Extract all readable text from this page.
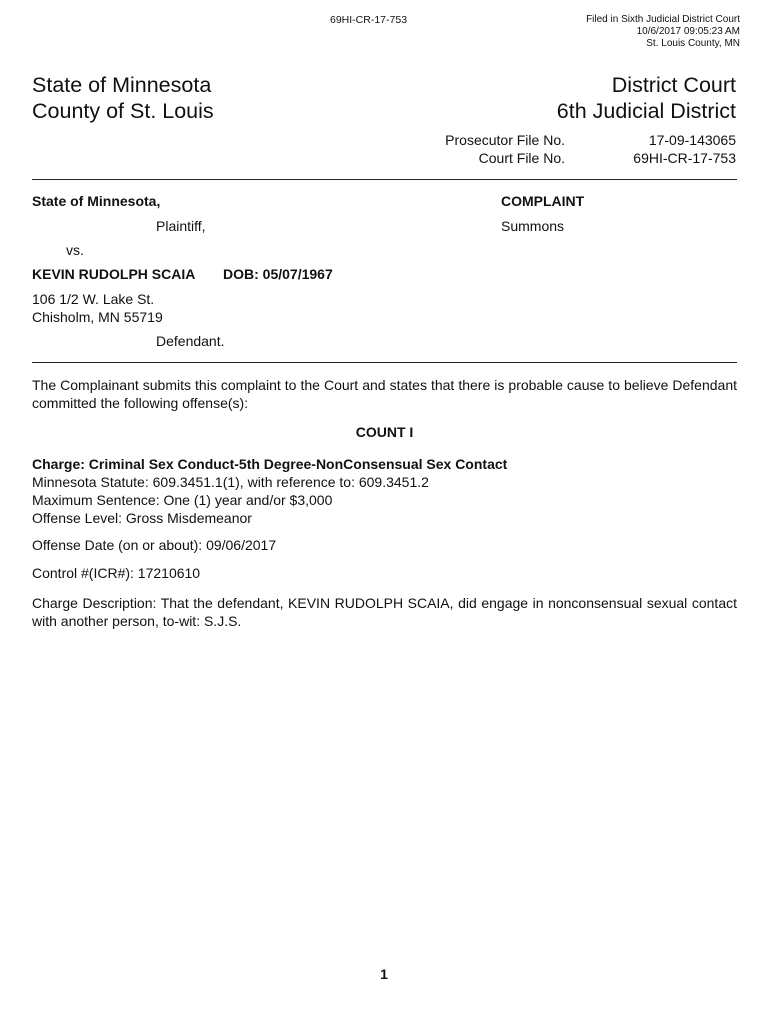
69HI-CR-17-753	Filed in Sixth Judicial District Court
10/6/2017 09:05:23 AM
St. Louis County, MN
State of Minnesota
County of St. Louis
District Court
6th Judicial District
Prosecutor File No.
Court File No.
17-09-143065
69HI-CR-17-753
State of Minnesota,
Plaintiff,
vs.
KEVIN RUDOLPH SCAIA DOB: 05/07/1967
106 1/2 W. Lake St.
Chisholm, MN 55719
Defendant.
COMPLAINT
Summons
The Complainant submits this complaint to the Court and states that there is probable cause to believe Defendant committed the following offense(s):
COUNT I
Charge: Criminal Sex Conduct-5th Degree-NonConsensual Sex Contact
Minnesota Statute: 609.3451.1(1), with reference to: 609.3451.2
Maximum Sentence: One (1) year and/or $3,000
Offense Level: Gross Misdemeanor
Offense Date (on or about): 09/06/2017
Control #(ICR#): 17210610
Charge Description: That the defendant, KEVIN RUDOLPH SCAIA, did engage in nonconsensual sexual contact with another person, to-wit: S.J.S.
1
